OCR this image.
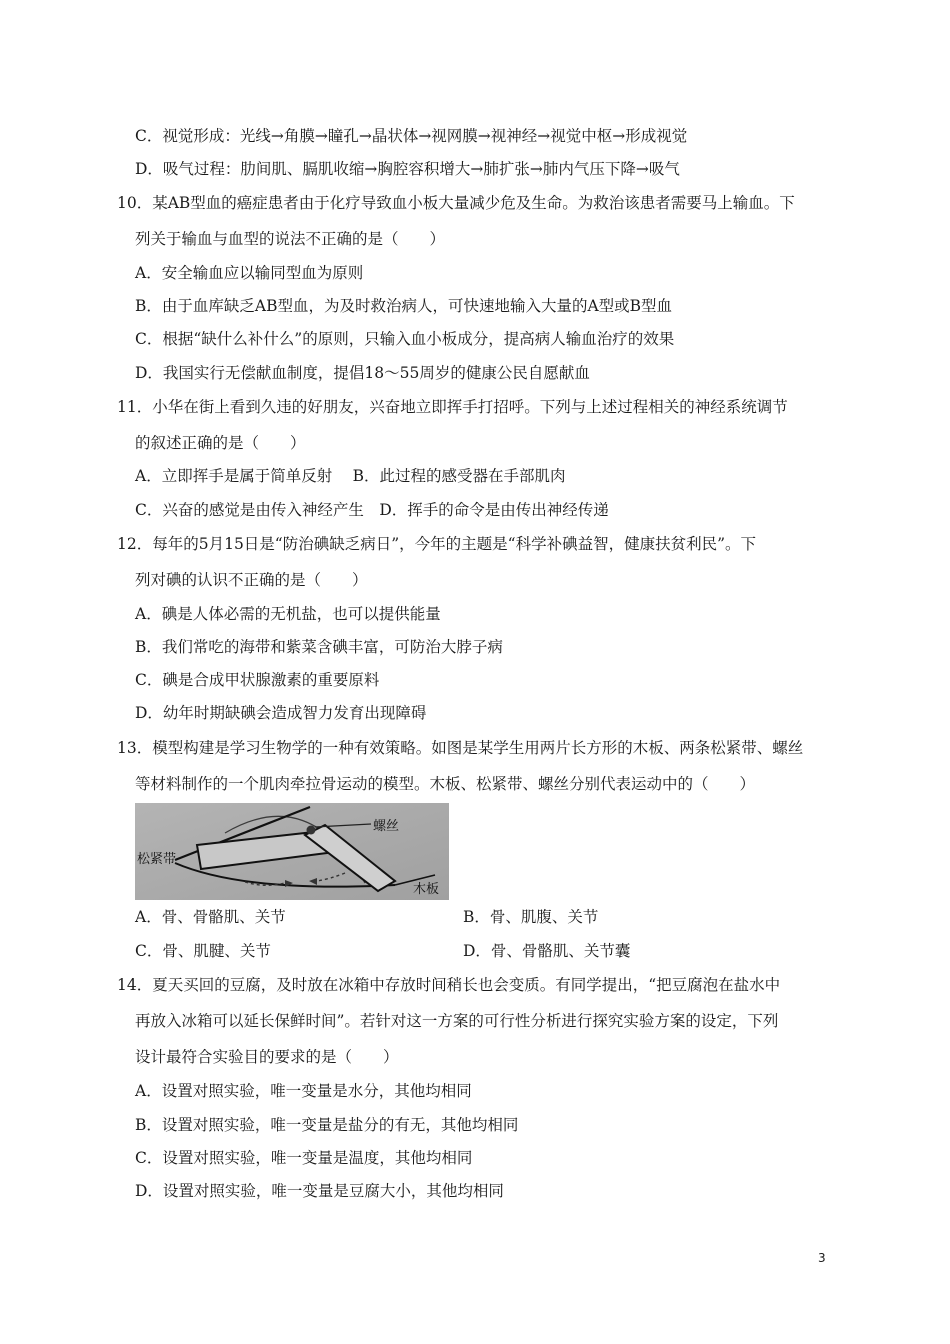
C．视觉形成：光线→角膜→瞳孔→晶状体→视网膜→视神经→视觉中枢→形成视觉
D．吸气过程：肋间肌、膈肌收缩→胸腔容积增大→肺扩张→肺内气压下降→吸气
10．某AB型血的癌症患者由于化疗导致血小板大量减少危及生命。为救治该患者需要马上输血。下
列关于输血与血型的说法不正确的是（　　）
A．安全输血应以输同型血为原则
B．由于血库缺乏AB型血，为及时救治病人，可快速地输入大量的A型或B型血
C．根据“缺什么补什么”的原则，只输入血小板成分，提高病人输血治疗的效果
D．我国实行无偿献血制度，提倡18～55周岁的健康公民自愿献血
11．小华在街上看到久违的好朋友，兴奋地立即挥手打招呼。下列与上述过程相关的神经系统调节
的叙述正确的是（　　）
A．立即挥手是属于简单反射　 B．此过程的感受器在手部肌肉
C．兴奋的感觉是由传入神经产生　D．挥手的命令是由传出神经传递
12．每年的5月15日是“防治碘缺乏病日”，今年的主题是“科学补碘益智，健康扶贫利民”。下
列对碘的认识不正确的是（　　）
A．碘是人体必需的无机盐，也可以提供能量
B．我们常吃的海带和紫菜含碘丰富，可防治大脖子病
C．碘是合成甲状腺激素的重要原料
D．幼年时期缺碘会造成智力发育出现障碍
13．模型构建是学习生物学的一种有效策略。如图是某学生用两片长方形的木板、两条松紧带、螺丝
等材料制作的一个肌肉牵拉骨运动的模型。木板、松紧带、螺丝分别代表运动中的（　　）
螺丝
松紧带
木板
A．骨、骨骼肌、关节	B．骨、肌腹、关节
C．骨、肌腱、关节	D．骨、骨骼肌、关节囊
14．夏天买回的豆腐，及时放在冰箱中存放时间稍长也会变质。有同学提出，“把豆腐泡在盐水中
再放入冰箱可以延长保鲜时间”。若针对这一方案的可行性分析进行探究实验方案的设定，下列
设计最符合实验目的要求的是（　　）
A．设置对照实验，唯一变量是水分，其他均相同
B．设置对照实验，唯一变量是盐分的有无，其他均相同
C．设置对照实验，唯一变量是温度，其他均相同
D．设置对照实验，唯一变量是豆腐大小，其他均相同
3
